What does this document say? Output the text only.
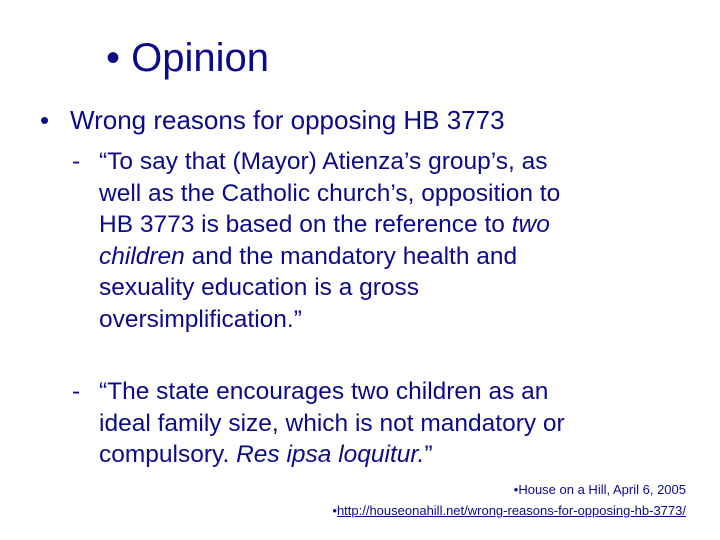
• Opinion
• Wrong reasons for opposing HB 3773
- “To say that (Mayor) Atienza’s group’s, as
well as the Catholic church’s, opposition to
HB 3773 is based on the reference to two
children and the mandatory health and
sexuality education is a gross
oversimplification.”
- “The state encourages two children as an
ideal family size, which is not mandatory or
compulsory. Res ipsa loquitur.”
•House on a Hill, April 6, 2005
•http://houseonahill.net/wrong-reasons-for-opposing-hb-3773/
